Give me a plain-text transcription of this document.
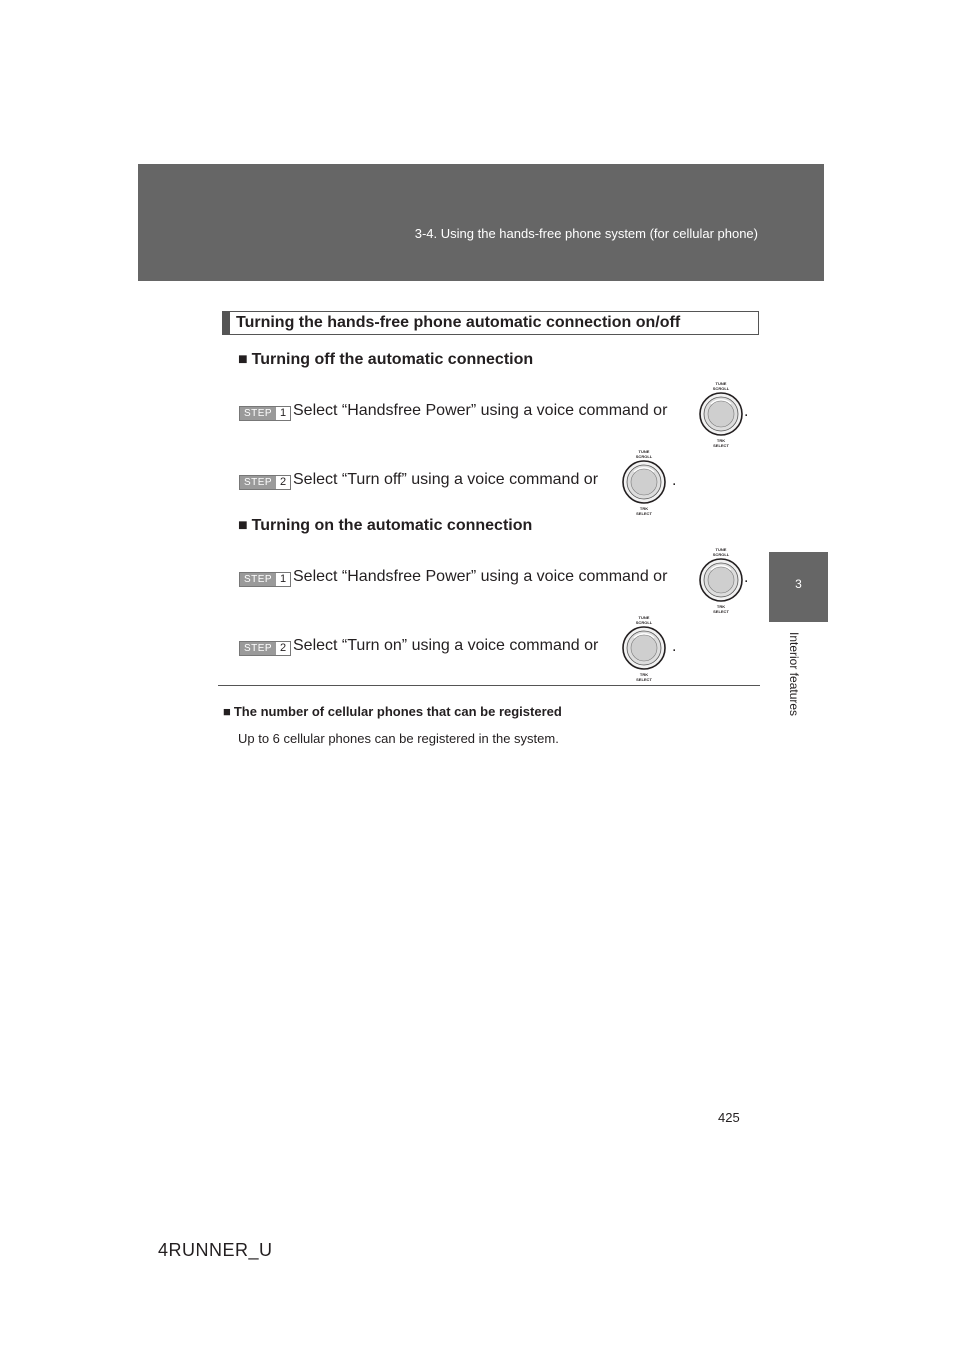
3-4. Using the hands-free phone system (for cellular phone)
3
Interior features
Turning the hands-free phone automatic connection on/off
■ Turning off the automatic connection
STEP 1 Select “Handsfree Power” using a voice command or
TUNE
SCROLL
TRK
SELECT
.
STEP 2 Select “Turn off” using a voice command or
TUNE
SCROLL
TRK
SELECT
.
■ Turning on the automatic connection
STEP 1 Select “Handsfree Power” using a voice command or
TUNE
SCROLL
TRK
SELECT
.
STEP 2 Select “Turn on” using a voice command or
TUNE
SCROLL
TRK
SELECT
.
■ The number of cellular phones that can be registered
Up to 6 cellular phones can be registered in the system.
425
4RUNNER_U
